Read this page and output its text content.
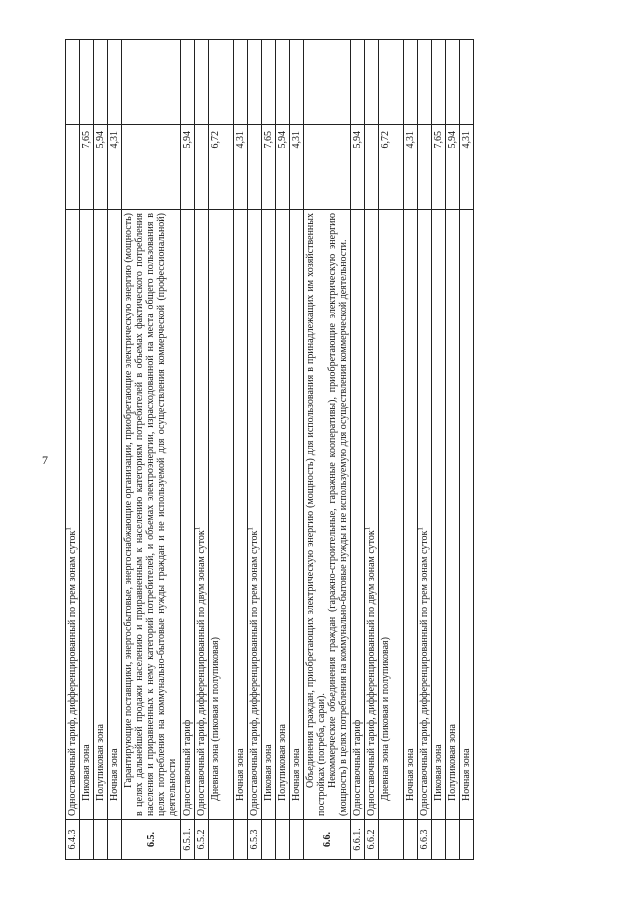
7
6.4.3	Одноставочный тариф, дифференцированный по трем зонам суток$^1$		
	Пиковая зона	7,65	
	Полупиковая зона	5,94	
	Ночная зона	4,31	
6.5.	Гарантирующие поставщики, энергосбытовые, энергоснабжающие организации, приобретающие электрическую энергию (мощность) в целях дальнейшей продажи населению и приравненным к населению категориям потребителей в объемах фактического потребления населения и приравненных к нему категорий потребителей, и объемах электроэнергии, израсходованной на места общего пользования в целях потребления на коммунально-бытовые нужды граждан и не используемой для осуществления коммерческой (профессиональной) деятельности		

6.5.1.	Одноставочный тариф	5,94	
6.5.2	Одноставочный тариф, дифференцированный по двум зонам суток$^1$		
	Дневная зона (пиковая и полупиковая)	6,72	
	Ночная зона	4,31	
6.5.3	Одноставочный тариф, дифференцированный по трем зонам суток$^1$		
	Пиковая зона	7,65	
	Полупиковая зона	5,94	
	Ночная зона	4,31	
6.6.	Объединения граждан, приобретающих электрическую энергию (мощность) для использования в принадлежащих им хозяйственных постройках (погреба, сараи). Некоммерческие объединения граждан (гаражно-строительные, гаражные кооперативы), приобретающие электрическую энергию (мощность) в целях потребления на коммунально-бытовые нужды и не используемую для осуществления коммерческой деятельности.		

6.6.1.	Одноставочный тариф	5,94	
6.6.2	Одноставочный тариф, дифференцированный по двум зонам суток$^1$		
	Дневная зона (пиковая и полупиковая)	6,72	
	Ночная зона	4,31	
6.6.3	Одноставочный тариф, дифференцированный по трем зонам суток$^1$		
	Пиковая зона	7,65	
	Полупиковая зона	5,94	
	Ночная зона	4,31	
